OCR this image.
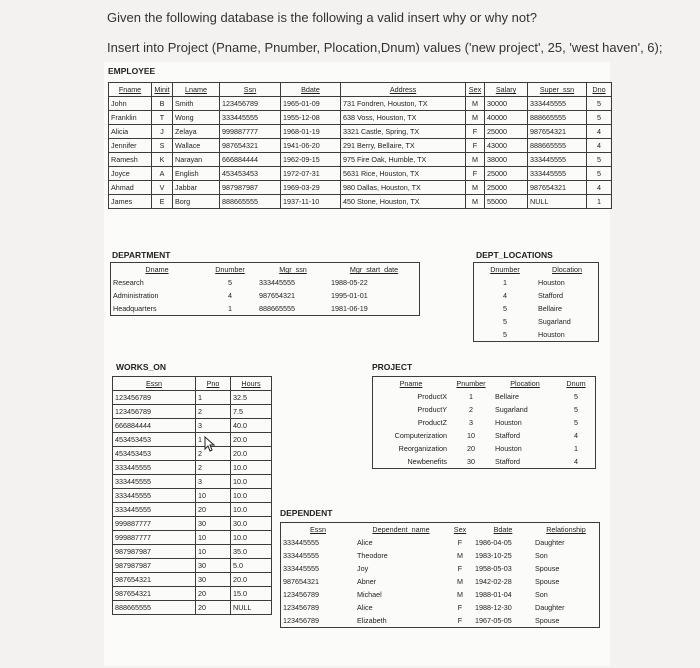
Given the following database is the following a valid insert why or why not?
Insert into Project (Pname, Pnumber, Plocation,Dnum) values ('new project', 25, 'west haven', 6);
EMPLOYEE
Fname	Minit	Lname	Ssn	Bdate	Address	Sex	Salary	Super_ssn	Dno
John	B	Smith	123456789	1965-01-09	731 Fondren, Houston, TX	M	30000	333445555	5
Franklin	T	Wong	333445555	1955-12-08	638 Voss, Houston, TX	M	40000	888665555	5
Alicia	J	Zelaya	999887777	1968-01-19	3321 Castle, Spring, TX	F	25000	987654321	4
Jennifer	S	Wallace	987654321	1941-06-20	291 Berry, Bellaire, TX	F	43000	888665555	4
Ramesh	K	Narayan	666884444	1962-09-15	975 Fire Oak, Humble, TX	M	38000	333445555	5
Joyce	A	English	453453453	1972-07-31	5631 Rice, Houston, TX	F	25000	333445555	5
Ahmad	V	Jabbar	987987987	1969-03-29	980 Dallas, Houston, TX	M	25000	987654321	4
James	E	Borg	888665555	1937-11-10	450 Stone, Houston, TX	M	55000	NULL	1
DEPARTMENT
Dname	Dnumber	Mgr_ssn	Mgr_start_date
Research	5	333445555	1988-05-22
Administration	4	987654321	1995-01-01
Headquarters	1	888665555	1981-06-19
DEPT_LOCATIONS
Dnumber	Dlocation
1	Houston
4	Stafford
5	Bellaire
5	Sugarland
5	Houston
WORKS_ON
Essn	Pno	Hours
123456789	1	32.5
123456789	2	7.5
666884444	3	40.0
453453453	1	20.0
453453453	2	20.0
333445555	2	10.0
333445555	3	10.0
333445555	10	10.0
333445555	20	10.0
999887777	30	30.0
999887777	10	10.0
987987987	10	35.0
987987987	30	5.0
987654321	30	20.0
987654321	20	15.0
888665555	20	NULL
PROJECT
Pname	Pnumber	Plocation	Dnum
ProductX	1	Bellaire	5
ProductY	2	Sugarland	5
ProductZ	3	Houston	5
Computerization	10	Stafford	4
Reorganization	20	Houston	1
Newbenefits	30	Stafford	4
DEPENDENT
Essn	Dependent_name	Sex	Bdate	Relationship
333445555	Alice	F	1986-04-05	Daughter
333445555	Theodore	M	1983-10-25	Son
333445555	Joy	F	1958-05-03	Spouse
987654321	Abner	M	1942-02-28	Spouse
123456789	Michael	M	1988-01-04	Son
123456789	Alice	F	1988-12-30	Daughter
123456789	Elizabeth	F	1967-05-05	Spouse
